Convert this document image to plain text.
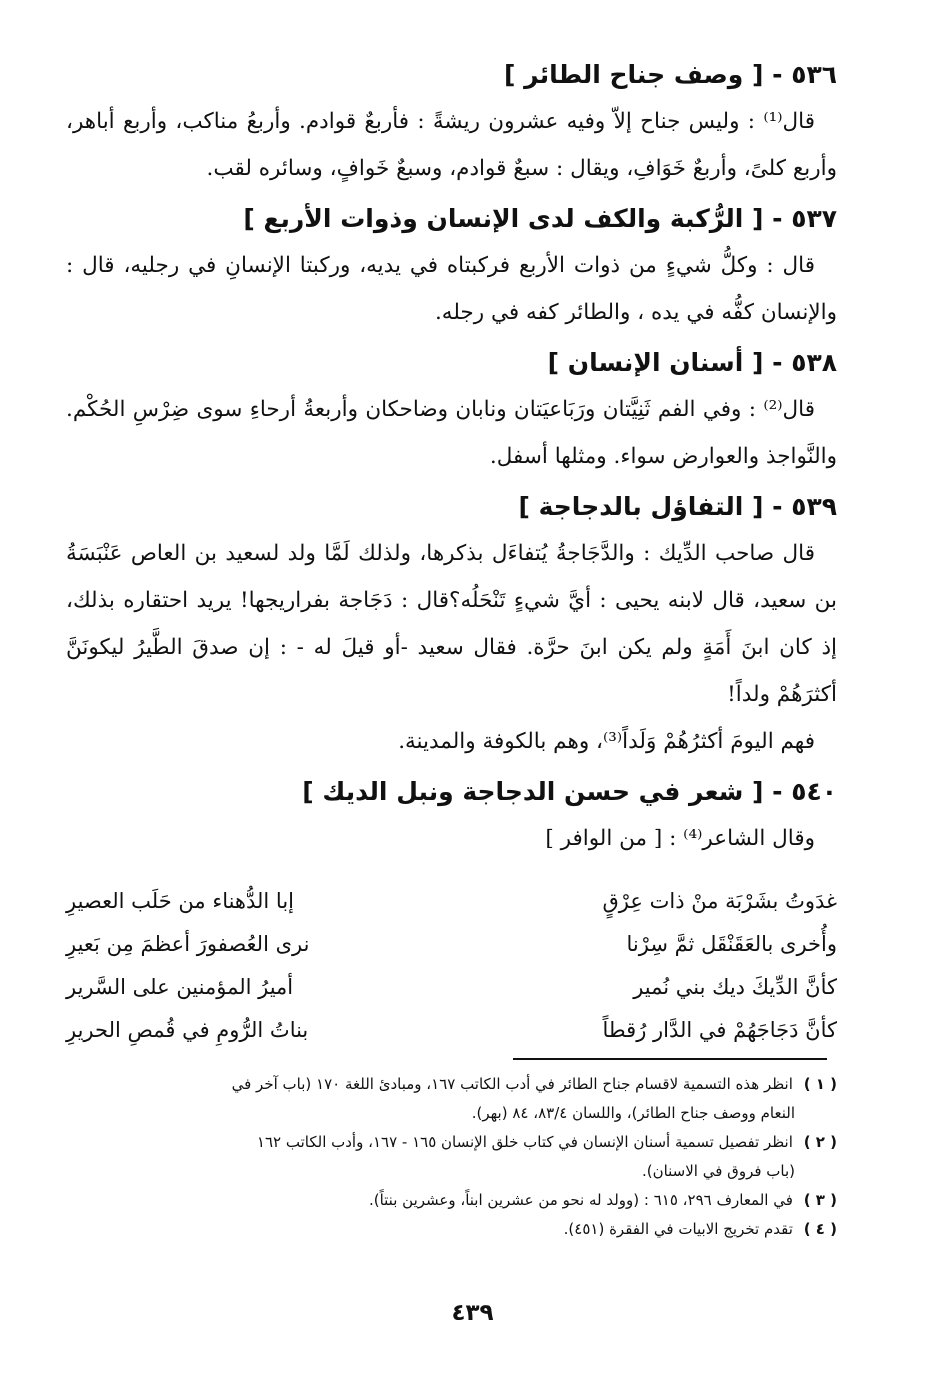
٥٣٦ - [ وصف جناح الطائر ]

قال⁽¹⁾ : وليس جناح إلاّ وفيه عشرون ريشةً : فأربعٌ قوادم. وأربعُ مناكب، وأربع أباهر، وأربع كلىً، وأربعٌ خَوَافِ، ويقال : سبعٌ قوادم، وسبعٌ خَوافٍ، وسائره لقب.

٥٣٧ - [ الرُّكبة والكف لدى الإنسان وذوات الأربع ]

قال : وكلُّ شيءٍ من ذوات الأربع فركبتاه في يديه، وركبتا الإنسانِ في رجليه، قال : والإنسان كفُّه في يده ، والطائر كفه في رجله.

٥٣٨ - [ أسنان الإنسان ]

قال⁽²⁾ : وفي الفم ثَنِيَّتان ورَبَاعيَتان ونابان وضاحكان وأربعةُ أرحاءِ سوى ضِرْسِ الحُكْم. والنَّواجذ والعوارض سواء. ومثلها أسفل.

٥٣٩ - [ التفاؤل بالدجاجة ]

قال صاحب الدِّيك : والدَّجَاجةُ يُتفاءَل بذكرها، ولذلك لَمَّا ولد لسعيد بن العاص عَنْبَسَةُ بن سعيد، قال لابنه يحيى : أيَّ شيءٍ تَنْحَلُه؟قال : دَجَاجة بفراريجها! يريد احتقاره بذلك، إذ كان ابنَ أَمَةٍ ولم يكن ابنَ حرَّة. فقال سعيد -أو قيلَ له - : إن صدقَ الطَّيرُ ليكونَنَّ أكثرَهُمْ ولداً!

فهم اليومَ أكثرُهُمْ وَلَداً⁽³⁾، وهم بالكوفة والمدينة.

٥٤٠ - [ شعر في حسن الدجاجة ونبل الديك ]

وقال الشاعر⁽⁴⁾ : [ من الوافر ]

غدَوتُ بشَرْبَة منْ ذات عِرْقٍ
إبا الدُّهناء من حَلَب العصيرِ
وأُخرى بالعَقَنْقَل ثمَّ سِرْنا
نرى العُصفورَ أعظمَ مِن بَعيرِ
كأنَّ الدِّيكَ ديك بني نُمير
أميرُ المؤمنين على السَّرير
كأنَّ دَجَاجَهُمْ في الدَّار رُقطاً
بناتُ الرُّومِ في قُمصِ الحريرِ

( ١ ) انظر هذه التسمية لاقسام جناح الطائر في أدب الكاتب ١٦٧، ومبادئ اللغة ١٧٠ (باب آخر في
النعام ووصف جناح الطائر)، واللسان ٨٣/٤، ٨٤ (بهر).

( ٢ ) انظر تفصيل تسمية أسنان الإنسان في كتاب خلق الإنسان ١٦٥ - ١٦٧، وأدب الكاتب ١٦٢
(باب فروق في الاسنان).

( ٣ ) في المعارف ٢٩٦، ٦١٥ : (وولد له نحو من عشرين ابناً، وعشرين بنتاً).

( ٤ ) تقدم تخريج الابيات في الفقرة (٤٥١).

٤٣٩
